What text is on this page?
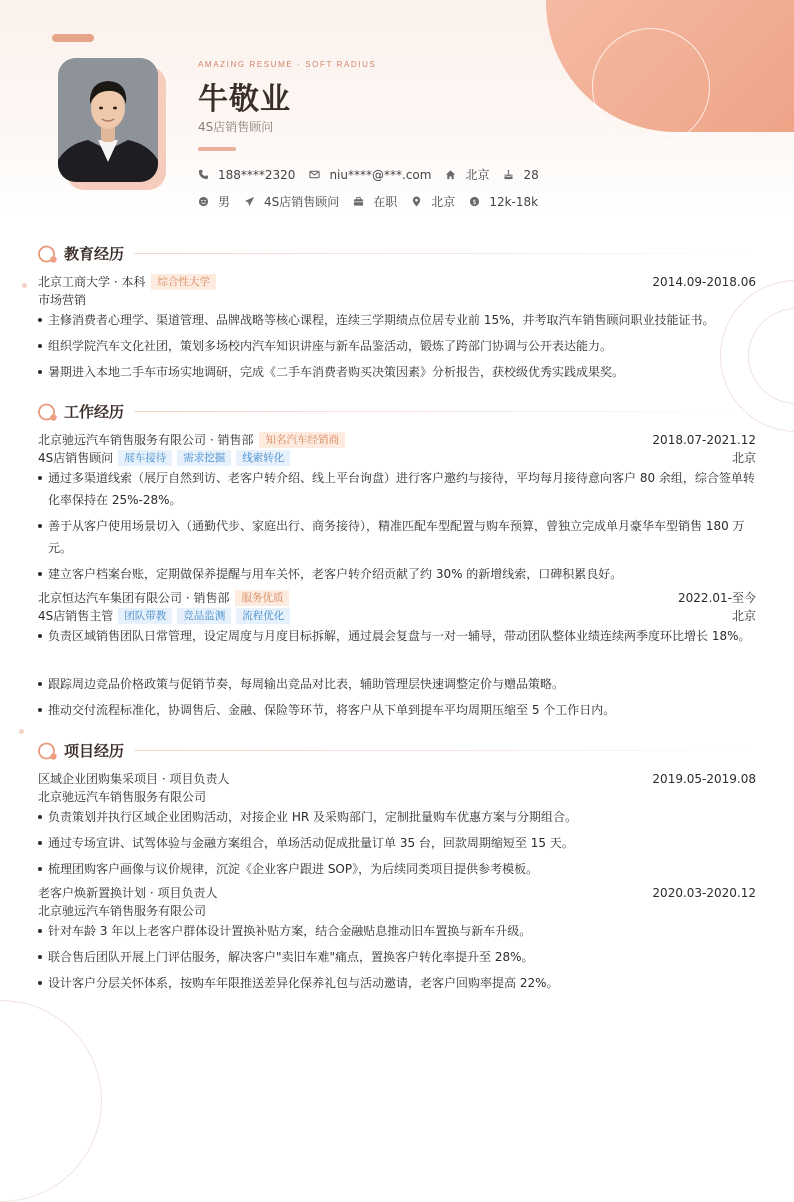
AMAZING RESUME · SOFT RADIUS
牛敬业
4S店销售顾问
188****2320	niu****@***.com	北京	28
男	4S店销售顾问	在职	北京 $ 12k-18k
教育经历
北京工商大学 · 本科	综合性大学	2014.09-2018.06
市场营销
主修消费者心理学、渠道管理、品牌战略等核心课程，连续三学期绩点位居专业前 15%，并考取汽车销售顾问职业技能证书。
组织学院汽车文化社团，策划多场校内汽车知识讲座与新车品鉴活动，锻炼了跨部门协调与公开表达能力。
暑期进入本地二手车市场实地调研，完成《二手车消费者购买决策因素》分析报告，获校级优秀实践成果奖。
工作经历
北京驰远汽车销售服务有限公司 · 销售部	知名汽车经销商	2018.07-2021.12
4S店销售顾问	展车接待	需求挖掘	线索转化	北京
通过多渠道线索（展厅自然到访、老客户转介绍、线上平台询盘）进行客户邀约与接待，平均每月接待意向客户 80 余组，综合签单转化率保持在 25%-28%。
善于从客户使用场景切入（通勤代步、家庭出行、商务接待），精准匹配车型配置与购车预算，曾独立完成单月豪华车型销售 180 万元。
建立客户档案台账，定期做保养提醒与用车关怀，老客户转介绍贡献了约 30% 的新增线索，口碑积累良好。
北京恒达汽车集团有限公司 · 销售部	服务优质	2022.01-至今
4S店销售主管	团队带教	竞品监测	流程优化	北京
负责区域销售团队日常管理，设定周度与月度目标拆解，通过晨会复盘与一对一辅导，带动团队整体业绩连续两季度环比增长 18%。
跟踪周边竞品价格政策与促销节奏，每周输出竞品对比表，辅助管理层快速调整定价与赠品策略。
推动交付流程标准化，协调售后、金融、保险等环节，将客户从下单到提车平均周期压缩至 5 个工作日内。
项目经历
区域企业团购集采项目 · 项目负责人	2019.05-2019.08
北京驰远汽车销售服务有限公司
负责策划并执行区域企业团购活动，对接企业 HR 及采购部门，定制批量购车优惠方案与分期组合。
通过专场宣讲、试驾体验与金融方案组合，单场活动促成批量订单 35 台，回款周期缩短至 15 天。
梳理团购客户画像与议价规律，沉淀《企业客户跟进 SOP》，为后续同类项目提供参考模板。
老客户焕新置换计划 · 项目负责人	2020.03-2020.12
北京驰远汽车销售服务有限公司
针对车龄 3 年以上老客户群体设计置换补贴方案，结合金融贴息推动旧车置换与新车升级。
联合售后团队开展上门评估服务，解决客户"卖旧车难"痛点，置换客户转化率提升至 28%。
设计客户分层关怀体系，按购车年限推送差异化保养礼包与活动邀请，老客户回购率提高 22%。
